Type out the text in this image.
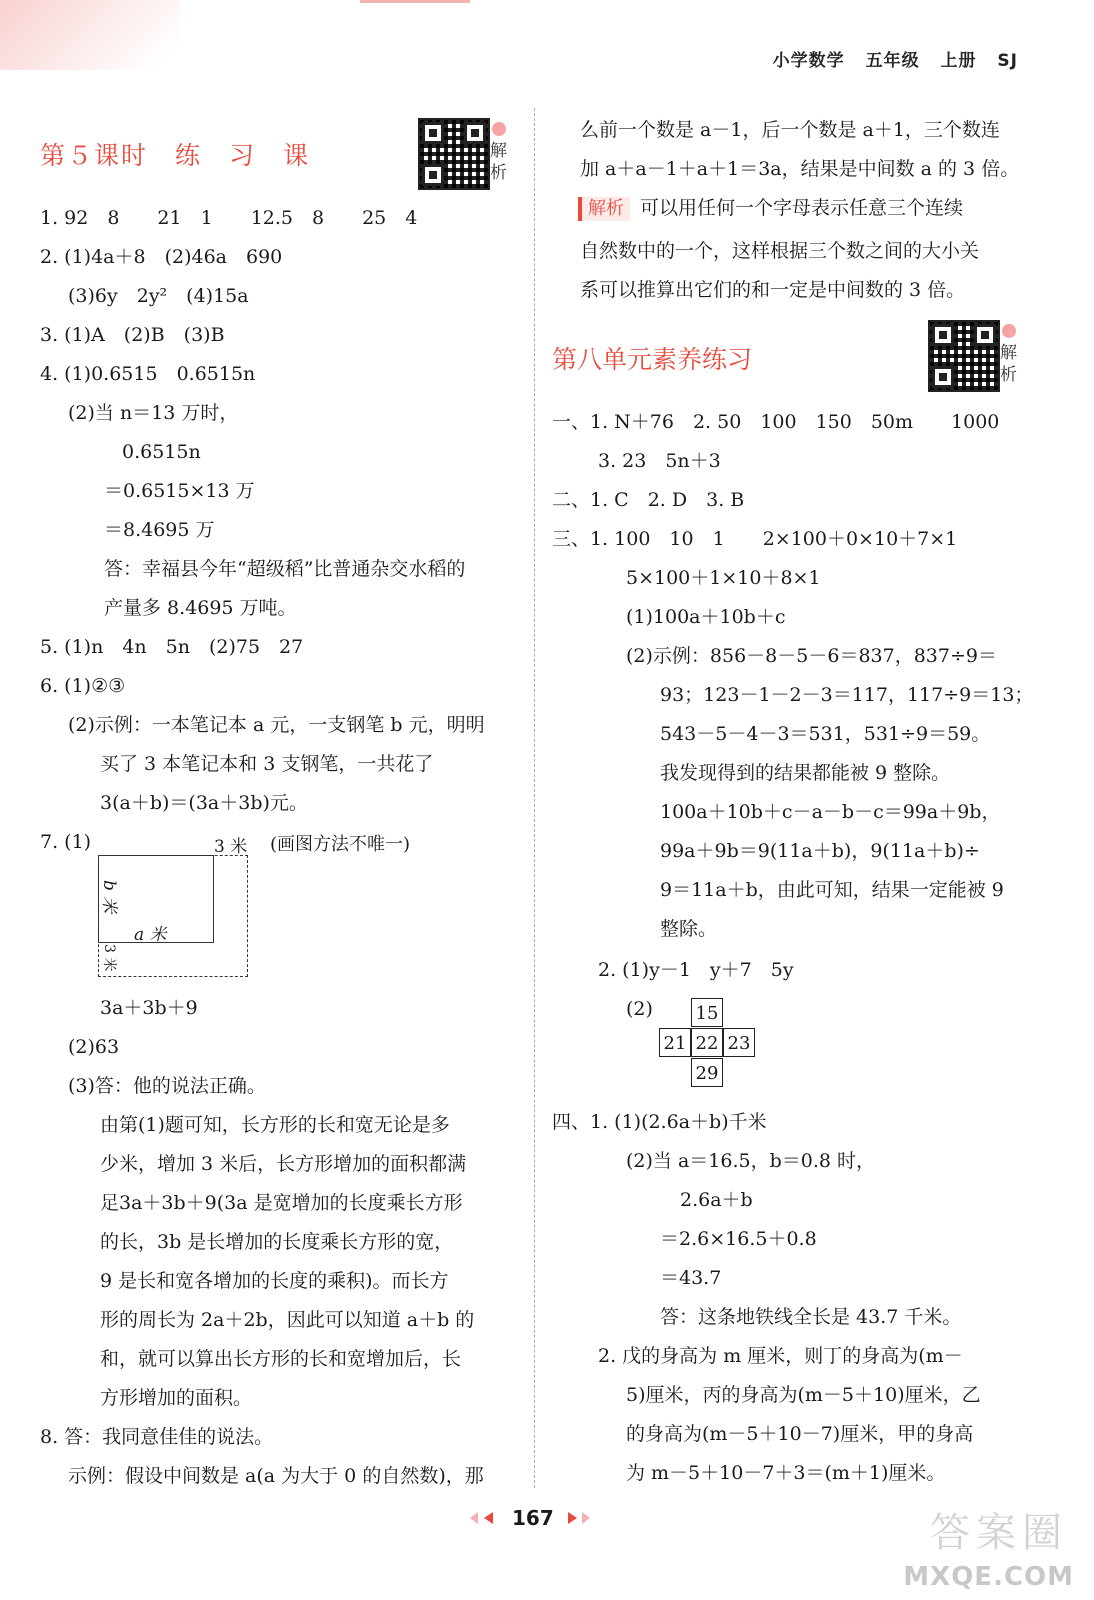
小学数学 五年级 上册 SJ
第５课时　练　习　课	解
析
1. 92　8　　21　1　　12.5　8　　25　4
2. (1)4a＋8　(2)46a　690
(3)6y　2y²　(4)15a
3. (1)A　(2)B　(3)B
4. (1)0.6515　0.6515n
(2)当 n＝13 万时，
0.6515n
＝0.6515×13 万
＝8.4695 万
答：幸福县今年“超级稻”比普通杂交水稻的
产量多 8.4695 万吨。
5. (1)n　4n　5n　(2)75　27
6. (1)②③
(2)示例：一本笔记本 a 元，一支钢笔 b 元，明明
买了 3 本笔记本和 3 支钢笔，一共花了
3(a＋b)＝(3a＋3b)元。
7. (1)	3 米 (画图方法不唯一)
b 米
a 米
3 米
3a＋3b＋9
(2)63
(3)答：他的说法正确。
由第(1)题可知，长方形的长和宽无论是多
少米，增加 3 米后，长方形增加的面积都满
足3a＋3b＋9(3a 是宽增加的长度乘长方形
的长，3b 是长增加的长度乘长方形的宽，
9 是长和宽各增加的长度的乘积)。而长方
形的周长为 2a＋2b，因此可以知道 a＋b 的
和，就可以算出长方形的长和宽增加后，长
方形增加的面积。
8. 答：我同意佳佳的说法。
示例：假设中间数是 a(a 为大于 0 的自然数)，那
么前一个数是 a－1，后一个数是 a＋1，三个数连
加 a＋a－1＋a＋1＝3a，结果是中间数 a 的 3 倍。
解析 可以用任何一个字母表示任意三个连续
自然数中的一个，这样根据三个数之间的大小关
系可以推算出它们的和一定是中间数的 3 倍。
第八单元素养练习	解
析
一、1. N＋76　2. 50　100　150　50m　　1000
3. 23　5n＋3
二、1. C　2. D　3. B
三、1. 100　10　1　　2×100＋0×10＋7×1
5×100＋1×10＋8×1
(1)100a＋10b＋c
(2)示例：856－8－5－6＝837，837÷9＝
93；123－1－2－3＝117，117÷9＝13；
543－5－4－3＝531，531÷9＝59。
我发现得到的结果都能被 9 整除。
100a＋10b＋c－a－b－c＝99a＋9b，
99a＋9b＝9(11a＋b)，9(11a＋b)÷
9＝11a＋b，由此可知，结果一定能被 9
整除。
2. (1)y－1　y＋7　5y
(2) 15
21 22 23
29
四、1. (1)(2.6a＋b)千米
(2)当 a＝16.5，b＝0.8 时，
2.6a＋b
＝2.6×16.5＋0.8
＝43.7
答：这条地铁线全长是 43.7 千米。
2. 戊的身高为 m 厘米，则丁的身高为(m－
5)厘米，丙的身高为(m－5＋10)厘米，乙
的身高为(m－5＋10－7)厘米，甲的身高
为 m－5＋10－7＋3＝(m＋1)厘米。
167	答案圈
MXQE.COM
